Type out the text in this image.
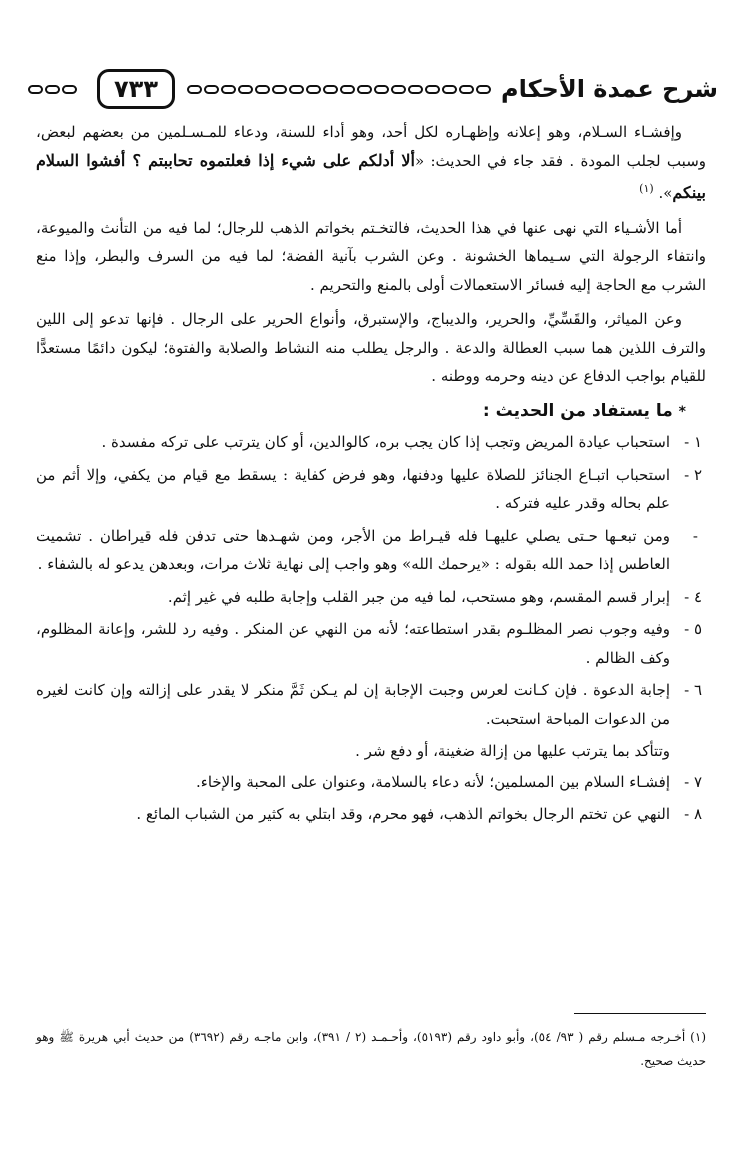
شرح عمدة الأحكام
٧٣٣

وإفشـاء السـلام، وهو إعلانه وإظهـاره لكل أحد، وهو أداء للسنة، ودعاء للمـسـلمين من بعضهم لبعض، وسبب لجلب المودة . فقد جاء في الحديث: «ألا أدلكم على شيء إذا فعلتموه تحاببتم ؟ أفشوا السلام بينكم». $^{(١)}$

أما الأشـياء التي نهى عنها في هذا الحديث، فالتخـتم بخواتم الذهب للرجال؛ لما فيه من التأنث والميوعة، وانتفاء الرجولة التي سـيماها الخشونة . وعن الشرب بآنية الفضة؛ لما فيه من السرف والبطر، وإذا منع الشرب مع الحاجة إليه فسائر الاستعمالات أولى بالمنع والتحريم .

وعن المياثر، والقَسِّيِّ، والحرير، والديباج، والإستبرق، وأنواع الحرير على الرجال . فإنها تدعو إلى اللين والترف اللذين هما سبب العطالة والدعة . والرجل يطلب منه النشاط والصلابة والفتوة؛ ليكون دائمًا مستعدًّا للقيام بواجب الدفاع عن دينه وحرمه ووطنه .

* ما يستفاد من الحديث :
١ -
استحباب عيادة المريض وتجب إذا كان يجب بره، كالوالدين، أو كان يترتب على تركه مفسدة .
٢ -
استحباب اتبـاع الجنائز للصلاة عليها ودفنها، وهو فرض كفاية : يسقط مع قيام من يكفي، وإلا أثم من علم بحاله وقدر عليه فتركه .
-
ومن تبعـها حـتى يصلي عليهـا فله قيـراط من الأجر، ومن شهـدها حتى تدفن فله قيراطان . تشميت العاطس إذا حمد الله بقوله : «يرحمك الله» وهو واجب إلى نهاية ثلاث مرات، وبعدهن يدعو له بالشفاء .
٤ -
إبرار قسم المقسم، وهو مستحب، لما فيه من جبر القلب وإجابة طلبه في غير إثم.
٥ -
وفيه وجوب نصر المظلـوم بقدر استطاعته؛ لأنه من النهي عن المنكر . وفيه رد للشر، وإعانة المظلوم، وكف الظالم .
٦ -
إجابة الدعوة . فإن كـانت لعرس وجبت الإجابة إن لم يـكن ثَمَّ منكر لا يقدر على إزالته وإن كانت لغيره من الدعوات المباحة استحبت.
وتتأكد بما يترتب عليها من إزالة ضغينة، أو دفع شر .
٧ -
إفشـاء السلام بين المسلمين؛ لأنه دعاء بالسلامة، وعنوان على المحبة والإخاء.
٨ -
النهي عن تختم الرجال بخواتم الذهب، فهو محرم، وقد ابتلي به كثير من الشباب المائع .
(١) أخـرجه مـسلم رقم ( ٩٣/ ٥٤)، وأبو داود رقم (٥١٩٣)، وأحـمـد (٢ / ٣٩١)، وابن ماجـه رقم (٣٦٩٢) من حديث أبي هريرة ﷺ وهو حديث صحيح.
